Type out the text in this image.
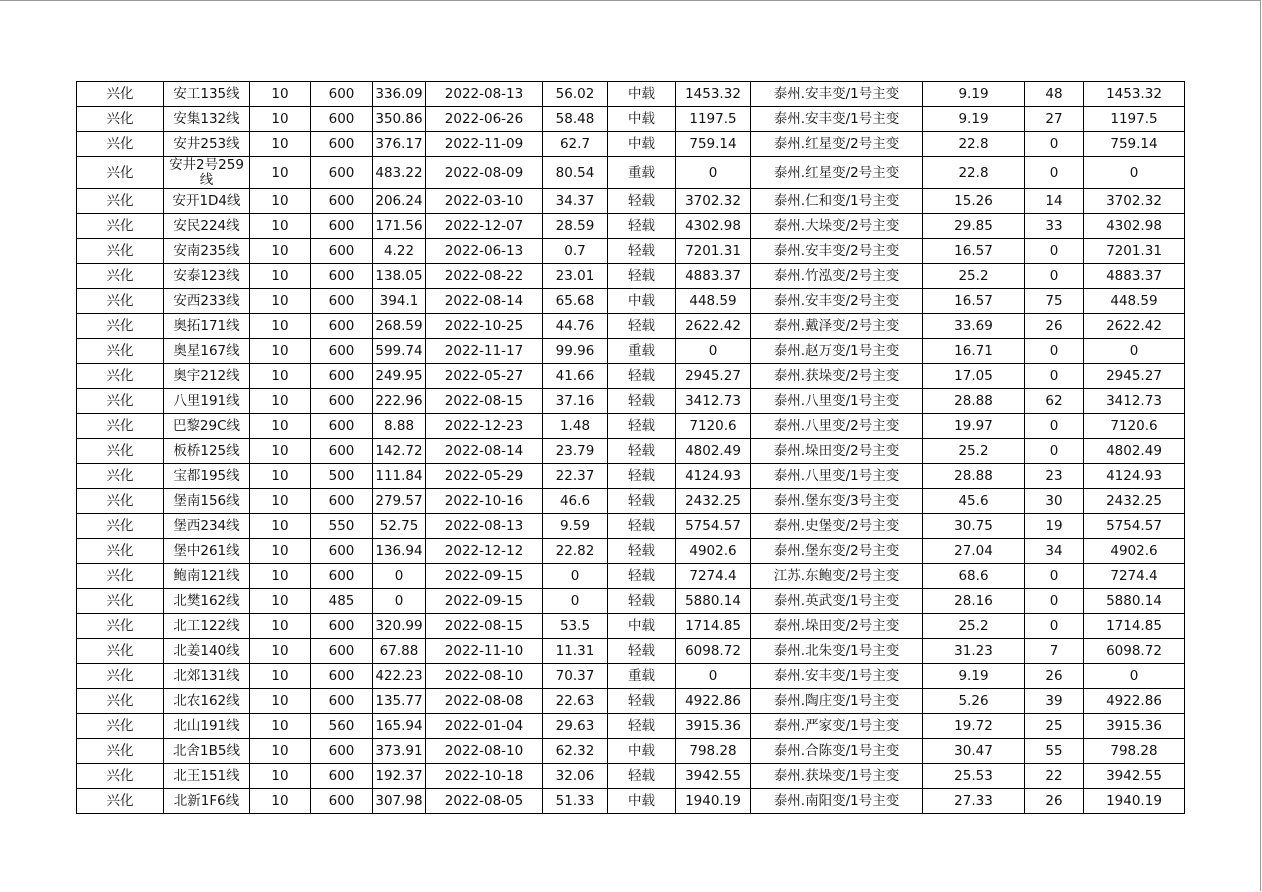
兴化	安工135线	10	600	336.09	2022-08-13	56.02	中载	1453.32	泰州.安丰变/1号主变	9.19	48	1453.32
兴化	安集132线	10	600	350.86	2022-06-26	58.48	中载	1197.5	泰州.安丰变/1号主变	9.19	27	1197.5
兴化	安井253线	10	600	376.17	2022-11-09	62.7	中载	759.14	泰州.红星变/2号主变	22.8	0	759.14
兴化	安井2号259线	10	600	483.22	2022-08-09	80.54	重载	0	泰州.红星变/2号主变	22.8	0	0
兴化	安开1D4线	10	600	206.24	2022-03-10	34.37	轻载	3702.32	泰州.仁和变/1号主变	15.26	14	3702.32
兴化	安民224线	10	600	171.56	2022-12-07	28.59	轻载	4302.98	泰州.大垛变/2号主变	29.85	33	4302.98
兴化	安南235线	10	600	4.22	2022-06-13	0.7	轻载	7201.31	泰州.安丰变/2号主变	16.57	0	7201.31
兴化	安泰123线	10	600	138.05	2022-08-22	23.01	轻载	4883.37	泰州.竹泓变/2号主变	25.2	0	4883.37
兴化	安西233线	10	600	394.1	2022-08-14	65.68	中载	448.59	泰州.安丰变/2号主变	16.57	75	448.59
兴化	奥拓171线	10	600	268.59	2022-10-25	44.76	轻载	2622.42	泰州.戴泽变/2号主变	33.69	26	2622.42
兴化	奥星167线	10	600	599.74	2022-11-17	99.96	重载	0	泰州.赵万变/1号主变	16.71	0	0
兴化	奥宇212线	10	600	249.95	2022-05-27	41.66	轻载	2945.27	泰州.获垛变/2号主变	17.05	0	2945.27
兴化	八里191线	10	600	222.96	2022-08-15	37.16	轻载	3412.73	泰州.八里变/1号主变	28.88	62	3412.73
兴化	巴黎29C线	10	600	8.88	2022-12-23	1.48	轻载	7120.6	泰州.八里变/2号主变	19.97	0	7120.6
兴化	板桥125线	10	600	142.72	2022-08-14	23.79	轻载	4802.49	泰州.垛田变/2号主变	25.2	0	4802.49
兴化	宝都195线	10	500	111.84	2022-05-29	22.37	轻载	4124.93	泰州.八里变/1号主变	28.88	23	4124.93
兴化	堡南156线	10	600	279.57	2022-10-16	46.6	轻载	2432.25	泰州.堡东变/3号主变	45.6	30	2432.25
兴化	堡西234线	10	550	52.75	2022-08-13	9.59	轻载	5754.57	泰州.史堡变/2号主变	30.75	19	5754.57
兴化	堡中261线	10	600	136.94	2022-12-12	22.82	轻载	4902.6	泰州.堡东变/2号主变	27.04	34	4902.6
兴化	鲍南121线	10	600	0	2022-09-15	0	轻载	7274.4	江苏.东鲍变/2号主变	68.6	0	7274.4
兴化	北樊162线	10	485	0	2022-09-15	0	轻载	5880.14	泰州.英武变/1号主变	28.16	0	5880.14
兴化	北工122线	10	600	320.99	2022-08-15	53.5	中载	1714.85	泰州.垛田变/2号主变	25.2	0	1714.85
兴化	北姜140线	10	600	67.88	2022-11-10	11.31	轻载	6098.72	泰州.北朱变/1号主变	31.23	7	6098.72
兴化	北郊131线	10	600	422.23	2022-08-10	70.37	重载	0	泰州.安丰变/1号主变	9.19	26	0
兴化	北农162线	10	600	135.77	2022-08-08	22.63	轻载	4922.86	泰州.陶庄变/1号主变	5.26	39	4922.86
兴化	北山191线	10	560	165.94	2022-01-04	29.63	轻载	3915.36	泰州.严家变/1号主变	19.72	25	3915.36
兴化	北舍1B5线	10	600	373.91	2022-08-10	62.32	中载	798.28	泰州.合陈变/1号主变	30.47	55	798.28
兴化	北王151线	10	600	192.37	2022-10-18	32.06	轻载	3942.55	泰州.获垛变/1号主变	25.53	22	3942.55
兴化	北新1F6线	10	600	307.98	2022-08-05	51.33	中载	1940.19	泰州.南阳变/1号主变	27.33	26	1940.19
